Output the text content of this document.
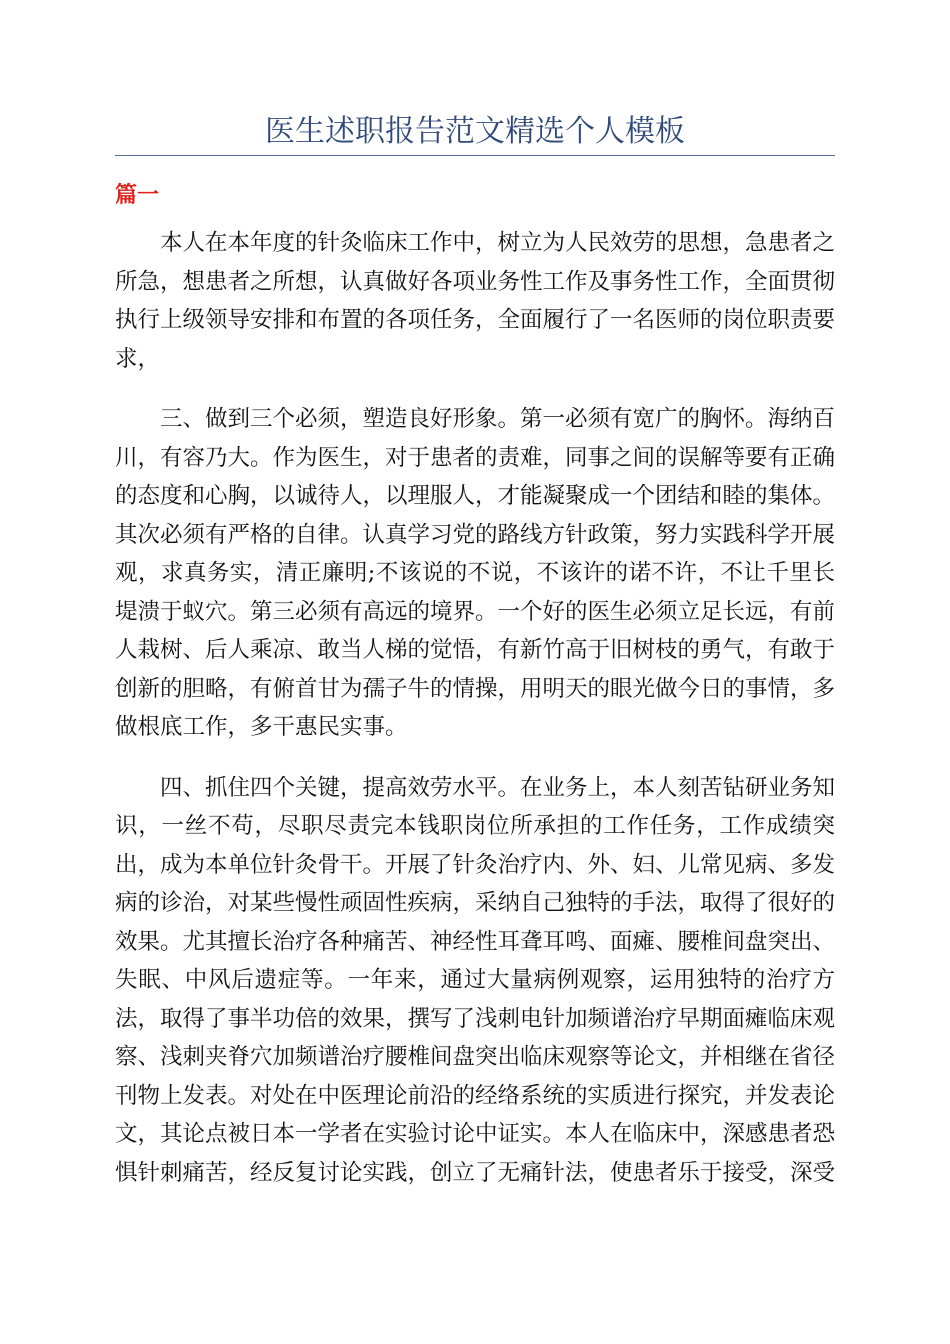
医生述职报告范文精选个人模板
篇一

本人在本年度的针灸临床工作中，树立为人民效劳的思想，急患者之所急，想患者之所想，认真做好各项业务性工作及事务性工作，全面贯彻执行上级领导安排和布置的各项任务，全面履行了一名医师的岗位职责要求，

三、做到三个必须，塑造良好形象。第一必须有宽广的胸怀。海纳百川，有容乃大。作为医生，对于患者的责难，同事之间的误解等要有正确的态度和心胸，以诚待人，以理服人，才能凝聚成一个团结和睦的集体。其次必须有严格的自律。认真学习党的路线方针政策，努力实践科学开展观，求真务实，清正廉明;不该说的不说，不该许的诺不许，不让千里长堤溃于蚁穴。第三必须有高远的境界。一个好的医生必须立足长远，有前人栽树、后人乘凉、敢当人梯的觉悟，有新竹高于旧树枝的勇气，有敢于创新的胆略，有俯首甘为孺子牛的情操，用明天的眼光做今日的事情，多做根底工作，多干惠民实事。

四、抓住四个关键，提高效劳水平。在业务上，本人刻苦钻研业务知识，一丝不苟，尽职尽责完本钱职岗位所承担的工作任务，工作成绩突出，成为本单位针灸骨干。开展了针灸治疗内、外、妇、儿常见病、多发病的诊治，对某些慢性顽固性疾病，采纳自己独特的手法，取得了很好的效果。尤其擅长治疗各种痛苦、神经性耳聋耳鸣、面瘫、腰椎间盘突出、失眠、中风后遗症等。一年来，通过大量病例观察，运用独特的治疗方法，取得了事半功倍的效果，撰写了浅刺电针加频谱治疗早期面瘫临床观察、浅刺夹脊穴加频谱治疗腰椎间盘突出临床观察等论文，并相继在省径刊物上发表。对处在中医理论前沿的经络系统的实质进行探究，并发表论文，其论点被日本一学者在实验讨论中证实。本人在临床中，深感患者恐惧针刺痛苦，经反复讨论实践，创立了无痛针法，使患者乐于接受，深受
